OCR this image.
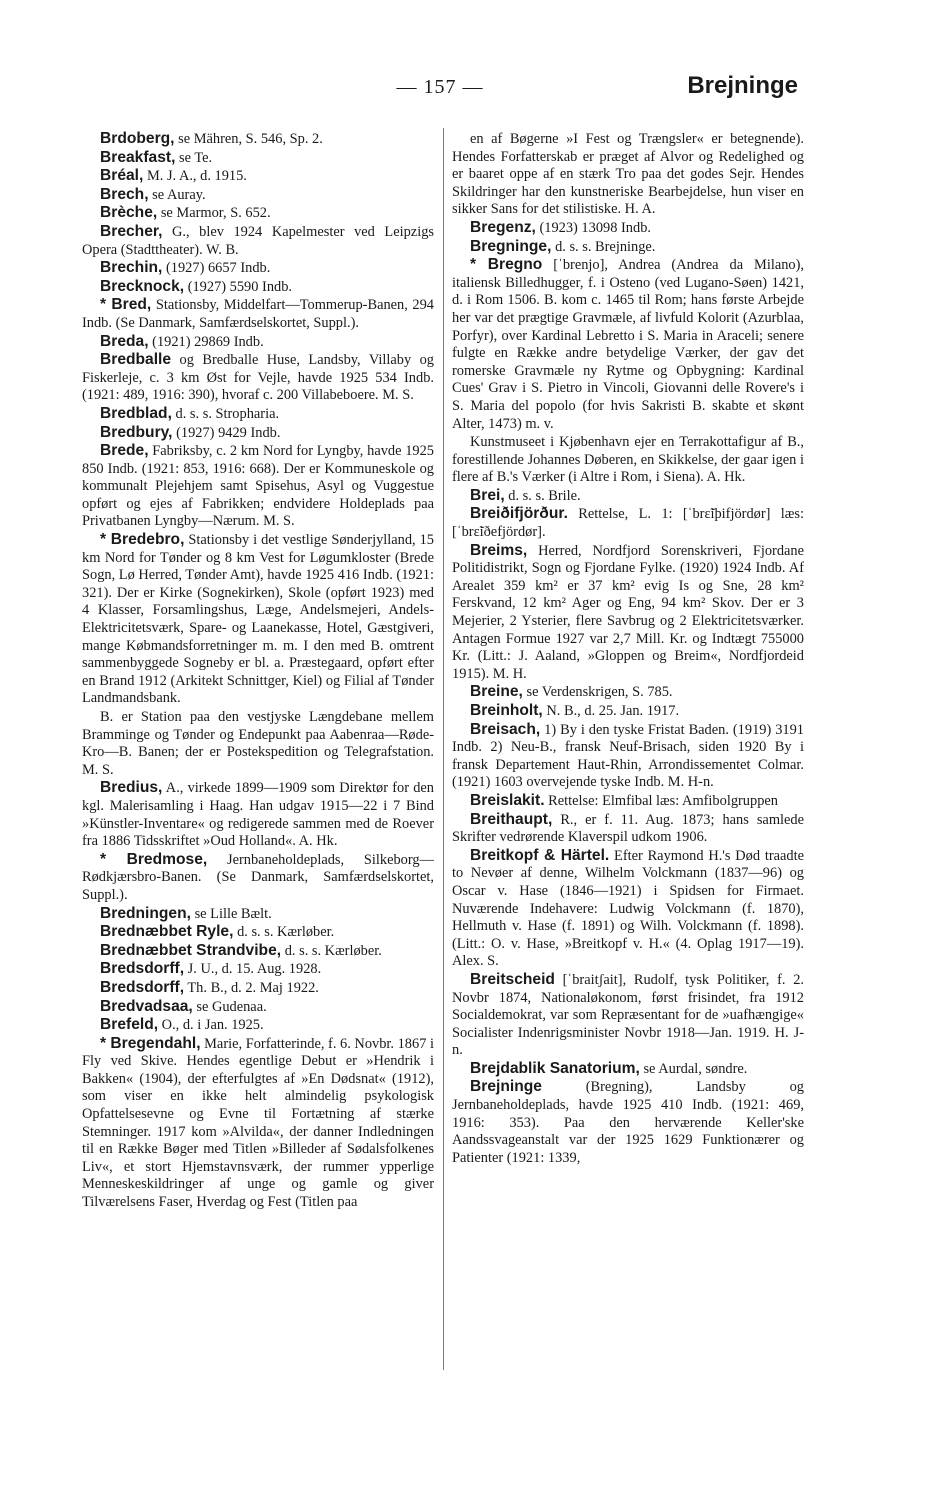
— 157 —	Brejninge

Brdoberg, se Mähren, S. 546, Sp. 2.

Breakfast, se Te.

Bréal, M. J. A., d. 1915.

Brech, se Auray.

Brèche, se Marmor, S. 652.

Brecher, G., blev 1924 Kapelmester ved Leipzigs Opera (Stadttheater). W. B.

Brechin, (1927) 6657 Indb.

Brecknock, (1927) 5590 Indb.

* Bred, Stationsby, Middelfart—Tommerup-Banen, 294 Indb. (Se Danmark, Samfærdselskortet, Suppl.).

Breda, (1921) 29869 Indb.

Bredballe og Bredballe Huse, Landsby, Villaby og Fiskerleje, c. 3 km Øst for Vejle, havde 1925 534 Indb. (1921: 489, 1916: 390), hvoraf c. 200 Villabeboere. M. S.

Bredblad, d. s. s. Stropharia.

Bredbury, (1927) 9429 Indb.

Brede, Fabriksby, c. 2 km Nord for Lyngby, havde 1925 850 Indb. (1921: 853, 1916: 668). Der er Kommuneskole og kommunalt Plejehjem samt Spisehus, Asyl og Vuggestue opført og ejes af Fabrikken; endvidere Holdeplads paa Privatbanen Lyngby—Nærum. M. S.

* Bredebro, Stationsby i det vestlige Sønderjylland, 15 km Nord for Tønder og 8 km Vest for Løgumkloster (Brede Sogn, Lø Herred, Tønder Amt), havde 1925 416 Indb. (1921: 321). Der er Kirke (Sognekirken), Skole (opført 1923) med 4 Klasser, Forsamlingshus, Læge, Andelsmejeri, Andels-Elektricitetsværk, Spare- og Laanekasse, Hotel, Gæstgiveri, mange Købmandsforretninger m. m. I den med B. omtrent sammenbyggede Sogneby er bl. a. Præstegaard, opført efter en Brand 1912 (Arkitekt Schnittger, Kiel) og Filial af Tønder Landmandsbank.

B. er Station paa den vestjyske Længdebane mellem Bramminge og Tønder og Endepunkt paa Aabenraa—Røde-Kro—B. Banen; der er Postekspedition og Telegrafstation. M. S.

Bredius, A., virkede 1899—1909 som Direktør for den kgl. Malerisamling i Haag. Han udgav 1915—22 i 7 Bind »Künstler-Inventare« og redigerede sammen med de Roever fra 1886 Tidsskriftet »Oud Holland«. A. Hk.

* Bredmose, Jernbaneholdeplads, Silkeborg—Rødkjærsbro-Banen. (Se Danmark, Samfærdselskortet, Suppl.).

Bredningen, se Lille Bælt.

Brednæbbet Ryle, d. s. s. Kærløber.

Brednæbbet Strandvibe, d. s. s. Kærløber.

Bredsdorff, J. U., d. 15. Aug. 1928.

Bredsdorff, Th. B., d. 2. Maj 1922.

Bredvadsaa, se Gudenaa.

Brefeld, O., d. i Jan. 1925.

* Bregendahl, Marie, Forfatterinde, f. 6. Novbr. 1867 i Fly ved Skive. Hendes egentlige Debut er »Hendrik i Bakken« (1904), der efterfulgtes af »En Dødsnat« (1912), som viser en ikke helt almindelig psykologisk Opfattelsesevne og Evne til Fortætning af stærke Stemninger. 1917 kom »Alvilda«, der danner Indledningen til en Række Bøger med Titlen »Billeder af Sødalsfolkenes Liv«, et stort Hjemstavnsværk, der rummer ypperlige Menneskeskildringer af unge og gamle og giver Tilværelsens Faser, Hverdag og Fest (Titlen paa

en af Bøgerne »I Fest og Trængsler« er betegnende). Hendes Forfatterskab er præget af Alvor og Redelighed og er baaret oppe af en stærk Tro paa det godes Sejr. Hendes Skildringer har den kunstneriske Bearbejdelse, hun viser en sikker Sans for det stilistiske. H. A.

Bregenz, (1923) 13098 Indb.

Bregninge, d. s. s. Brejninge.

* Bregno [ˈbrenjo], Andrea (Andrea da Milano), italiensk Billedhugger, f. i Osteno (ved Lugano-Søen) 1421, d. i Rom 1506. B. kom c. 1465 til Rom; hans første Arbejde her var det prægtige Gravmæle, af livfuld Kolorit (Azurblaa, Porfyr), over Kardinal Lebretto i S. Maria in Araceli; senere fulgte en Række andre betydelige Værker, der gav det romerske Gravmæle ny Rytme og Opbygning: Kardinal Cues' Grav i S. Pietro in Vincoli, Giovanni delle Rovere's i S. Maria del popolo (for hvis Sakristi B. skabte et skønt Alter, 1473) m. v.

Kunstmuseet i Kjøbenhavn ejer en Terrakottafigur af B., forestillende Johannes Døberen, en Skikkelse, der gaar igen i flere af B.'s Værker (i Altre i Rom, i Siena). A. Hk.

Brei, d. s. s. Brile.

Breiðifjörður. Rettelse, L. 1: [ˈbrɛ̃iþifjördør] læs: [ˈbrɛ̃iðefjördør].

Breims, Herred, Nordfjord Sorenskriveri, Fjordane Politidistrikt, Sogn og Fjordane Fylke. (1920) 1924 Indb. Af Arealet 359 km² er 37 km² evig Is og Sne, 28 km² Ferskvand, 12 km² Ager og Eng, 94 km² Skov. Der er 3 Mejerier, 2 Ysterier, flere Savbrug og 2 Elektricitetsværker. Antagen Formue 1927 var 2,7 Mill. Kr. og Indtægt 755000 Kr. (Litt.: J. Aaland, »Gloppen og Breim«, Nordfjordeid 1915). M. H.

Breine, se Verdenskrigen, S. 785.

Breinholt, N. B., d. 25. Jan. 1917.

Breisach, 1) By i den tyske Fristat Baden. (1919) 3191 Indb. 2) Neu-B., fransk Neuf-Brisach, siden 1920 By i fransk Departement Haut-Rhin, Arrondissementet Colmar. (1921) 1603 overvejende tyske Indb. M. H-n.

Breislakit. Rettelse: Elmfibal læs: Amfibolgruppen

Breithaupt, R., er f. 11. Aug. 1873; hans samlede Skrifter vedrørende Klaverspil udkom 1906.

Breitkopf & Härtel. Efter Raymond H.'s Død traadte to Nevøer af denne, Wilhelm Volckmann (1837—96) og Oscar v. Hase (1846—1921) i Spidsen for Firmaet. Nuværende Indehavere: Ludwig Volckmann (f. 1870), Hellmuth v. Hase (f. 1891) og Wilh. Volckmann (f. 1898). (Litt.: O. v. Hase, »Breitkopf v. H.« (4. Oplag 1917—19). Alex. S.

Breitscheid [ˈbraitʃait], Rudolf, tysk Politiker, f. 2. Novbr 1874, Nationaløkonom, først frisindet, fra 1912 Socialdemokrat, var som Repræsentant for de »uafhængige« Socialister Indenrigsminister Novbr 1918—Jan. 1919. H. J-n.

Brejdablik Sanatorium, se Aurdal, søndre.

Brejninge	(Bregning), Landsby og Jernbaneholdeplads, havde 1925 410 Indb. (1921: 469, 1916: 353). Paa den herværende Keller'ske Aandssvageanstalt var der 1925 1629 Funktionærer og Patienter (1921: 1339,
